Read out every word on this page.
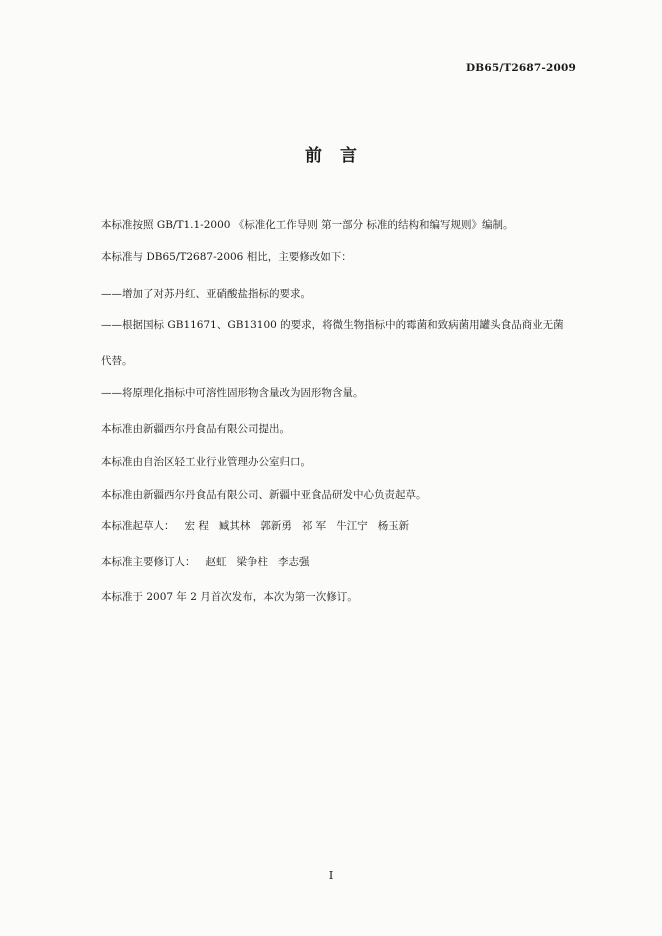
DB65/T2687-2009
前言
本标准按照 GB/T1.1-2000 《标准化工作导则 第一部分 标准的结构和编写规则》编制。
本标准与 DB65/T2687-2006 相比，主要修改如下：
——增加了对苏丹红、亚硝酸盐指标的要求。
——根据国标 GB11671、GB13100 的要求，将微生物指标中的霉菌和致病菌用罐头食品商业无菌
代替。
——将原理化指标中可溶性固形物含量改为固形物含量。
本标准由新疆西尔丹食品有限公司提出。
本标准由自治区轻工业行业管理办公室归口。
本标准由新疆西尔丹食品有限公司、新疆中亚食品研发中心负责起草。
本标准起草人： 宏 程 臧其林 郭新勇 祁 军 牛江宁 杨玉新
本标准主要修订人： 赵虹 梁争柱 李志强
本标准于 2007 年 2 月首次发布，本次为第一次修订。
I
